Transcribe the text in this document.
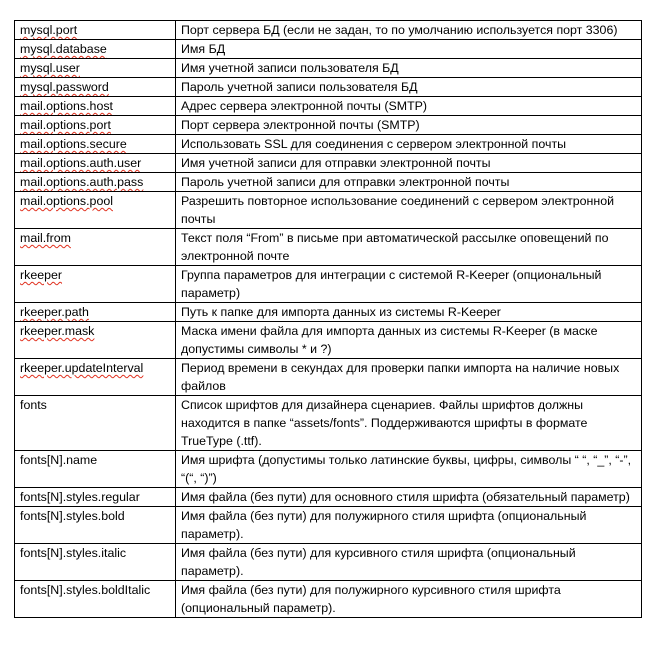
mysql.port	Порт сервера БД (если не задан, то по умолчанию используется порт 3306)
mysql.database	Имя БД
mysql.user	Имя учетной записи пользователя БД
mysql.password	Пароль учетной записи пользователя БД
mail.options.host	Адрес сервера электронной почты (SMTP)
mail.options.port	Порт сервера электронной почты (SMTP)
mail.options.secure	Использовать SSL для соединения с сервером электронной почты
mail.options.auth.user	Имя учетной записи для отправки электронной почты
mail.options.auth.pass	Пароль учетной записи для отправки электронной почты
mail.options.pool	Разрешить повторное использование соединений с сервером электронной почты
mail.from	Текст поля “From” в письме при автоматической рассылке оповещений по электронной почте
rkeeper	Группа параметров для интеграции с системой R-Keeper (опциональный параметр)
rkeeper.path	Путь к папке для импорта данных из системы R-Keeper
rkeeper.mask	Маска имени файла для импорта данных из системы R-Keeper (в маске допустимы символы * и ?)
rkeeper.updateInterval	Период времени в секундах для проверки папки импорта на наличие новых файлов
fonts	Список шрифтов для дизайнера сценариев. Файлы шрифтов должны находится в папке “assets/fonts”. Поддерживаются шрифты в формате TrueType (.ttf).
fonts[N].name	Имя шрифта (допустимы только латинские буквы, цифры, символы “ “, “_”, “-”, “(“, “)”)
fonts[N].styles.regular	Имя файла (без пути) для основного стиля шрифта (обязательный параметр)
fonts[N].styles.bold	Имя файла (без пути) для полужирного стиля шрифта (опциональный параметр).
fonts[N].styles.italic	Имя файла (без пути) для курсивного стиля шрифта (опциональный параметр).
fonts[N].styles.boldItalic	Имя файла (без пути) для полужирного курсивного стиля шрифта (опциональный параметр).
